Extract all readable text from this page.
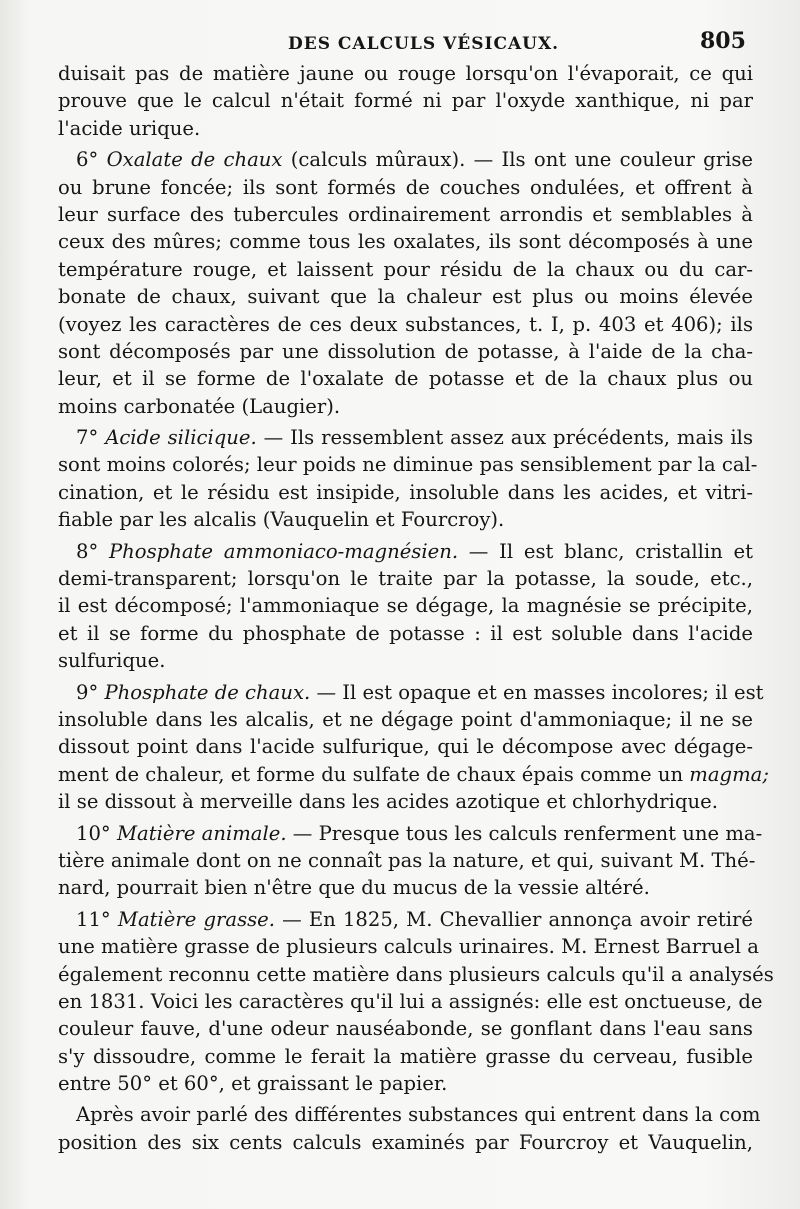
DES CALCULS VÉSICAUX.	805
duisait pas de matière jaune ou rouge lorsqu'on l'évaporait, ce qui
prouve que le calcul n'était formé ni par l'oxyde xanthique, ni par
l'acide urique.
6° Oxalate de chaux (calculs mûraux). — Ils ont une couleur grise
ou brune foncée; ils sont formés de couches ondulées, et offrent à
leur surface des tubercules ordinairement arrondis et semblables à
ceux des mûres; comme tous les oxalates, ils sont décomposés à une
température rouge, et laissent pour résidu de la chaux ou du car-
bonate de chaux, suivant que la chaleur est plus ou moins élevée
(voyez les caractères de ces deux substances, t. I, p. 403 et 406); ils
sont décomposés par une dissolution de potasse, à l'aide de la cha-
leur, et il se forme de l'oxalate de potasse et de la chaux plus ou
moins carbonatée (Laugier).
7° Acide silicique. — Ils ressemblent assez aux précédents, mais ils
sont moins colorés; leur poids ne diminue pas sensiblement par la cal-
cination, et le résidu est insipide, insoluble dans les acides, et vitri-
fiable par les alcalis (Vauquelin et Fourcroy).
8° Phosphate ammoniaco-magnésien. — Il est blanc, cristallin et
demi-transparent; lorsqu'on le traite par la potasse, la soude, etc.,
il est décomposé; l'ammoniaque se dégage, la magnésie se précipite,
et il se forme du phosphate de potasse : il est soluble dans l'acide
sulfurique.
9° Phosphate de chaux. — Il est opaque et en masses incolores; il est
insoluble dans les alcalis, et ne dégage point d'ammoniaque; il ne se
dissout point dans l'acide sulfurique, qui le décompose avec dégage-
ment de chaleur, et forme du sulfate de chaux épais comme un magma;
il se dissout à merveille dans les acides azotique et chlorhydrique.
10° Matière animale. — Presque tous les calculs renferment une ma-
tière animale dont on ne connaît pas la nature, et qui, suivant M. Thé-
nard, pourrait bien n'être que du mucus de la vessie altéré.
11° Matière grasse. — En 1825, M. Chevallier annonça avoir retiré
une matière grasse de plusieurs calculs urinaires. M. Ernest Barruel a
également reconnu cette matière dans plusieurs calculs qu'il a analysés
en 1831. Voici les caractères qu'il lui a assignés: elle est onctueuse, de
couleur fauve, d'une odeur nauséabonde, se gonflant dans l'eau sans
s'y dissoudre, comme le ferait la matière grasse du cerveau, fusible
entre 50° et 60°, et graissant le papier.
Après avoir parlé des différentes substances qui entrent dans la com
position des six cents calculs examinés par Fourcroy et Vauquelin,
